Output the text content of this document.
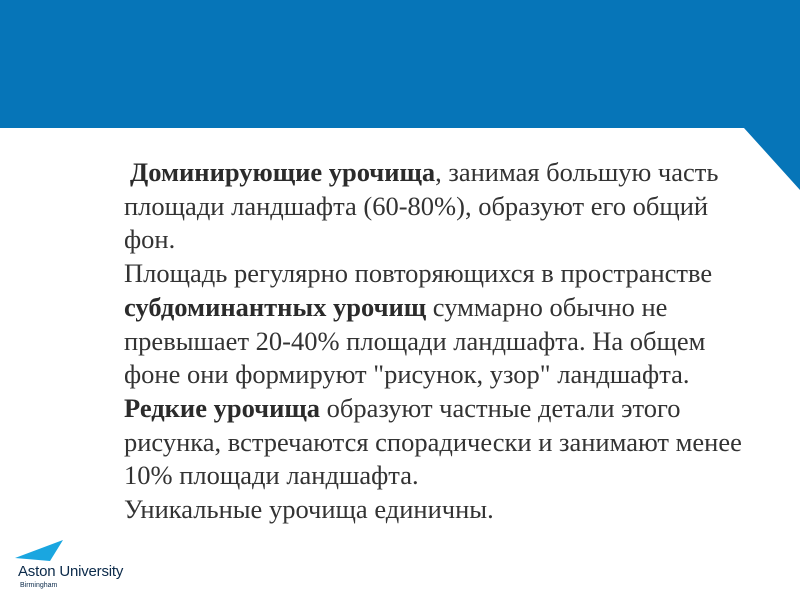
Доминирующие урочища, занимая большую часть площади ландшафта (60-80%), образуют его общий фон.

Площадь регулярно повторяющихся в пространстве субдоминантных урочищ суммарно обычно не превышает 20-40% площади ландшафта. На общем фоне они формируют "рисунок, узор" ландшафта.

Редкие урочища образуют частные детали этого рисунка, встречаются спорадически и занимают менее 10% площади ландшафта.

Уникальные урочища единичны.

Aston University
Birmingham
